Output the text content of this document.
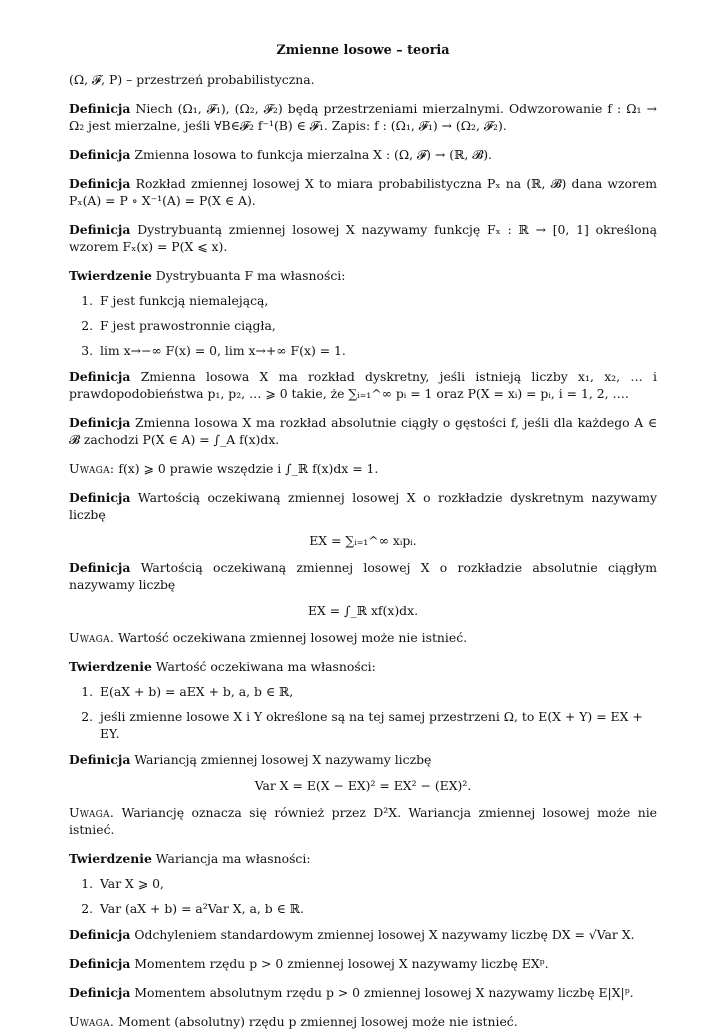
Zmienne losowe – teoria

(Ω, 𝓕, P) – przestrzeń probabilistyczna.

Definicja Niech (Ω₁, 𝓕₁), (Ω₂, 𝓕₂) będą przestrzeniami mierzalnymi. Odwzorowanie f : Ω₁ → Ω₂ jest mierzalne, jeśli ∀B∈𝓕₂ f⁻¹(B) ∈ 𝓕₁. Zapis: f : (Ω₁, 𝓕₁) → (Ω₂, 𝓕₂).

Definicja Zmienna losowa to funkcja mierzalna X : (Ω, 𝓕) → (ℝ, 𝓑).

Definicja Rozkład zmiennej losowej X to miara probabilistyczna Pₓ na (ℝ, 𝓑) dana wzorem Pₓ(A) = P ∘ X⁻¹(A) = P(X ∈ A).

Definicja Dystrybuantą zmiennej losowej X nazywamy funkcję Fₓ : ℝ → [0, 1] określoną wzorem Fₓ(x) = P(X ⩽ x).

Twierdzenie Dystrybuanta F ma własności:

1. F jest funkcją niemalejącą,
2. F jest prawostronnie ciągła,
3. lim x→−∞ F(x) = 0, lim x→+∞ F(x) = 1.

Definicja Zmienna losowa X ma rozkład dyskretny, jeśli istnieją liczby x₁, x₂, … i prawdopodobieństwa p₁, p₂, … ⩾ 0 takie, że ∑ᵢ₌₁^∞ pᵢ = 1 oraz P(X = xᵢ) = pᵢ, i = 1, 2, ….

Definicja Zmienna losowa X ma rozkład absolutnie ciągły o gęstości f, jeśli dla każdego A ∈ 𝓑 zachodzi P(X ∈ A) = ∫_A f(x)dx.

Uwaga: f(x) ⩾ 0 prawie wszędzie i ∫_ℝ f(x)dx = 1.

Definicja Wartością oczekiwaną zmiennej losowej X o rozkładzie dyskretnym nazywamy liczbę

EX = ∑ᵢ₌₁^∞ xᵢpᵢ.

Definicja Wartością oczekiwaną zmiennej losowej X o rozkładzie absolutnie ciągłym nazywamy liczbę

EX = ∫_ℝ xf(x)dx.

Uwaga. Wartość oczekiwana zmiennej losowej może nie istnieć.

Twierdzenie Wartość oczekiwana ma własności:

1. E(aX + b) = aEX + b, a, b ∈ ℝ,
2. jeśli zmienne losowe X i Y określone są na tej samej przestrzeni Ω, to E(X + Y) = EX + EY.

Definicja Wariancją zmiennej losowej X nazywamy liczbę

Var X = E(X − EX)² = EX² − (EX)².

Uwaga. Wariancję oznacza się również przez D²X. Wariancja zmiennej losowej może nie istnieć.

Twierdzenie Wariancja ma własności:

1. Var X ⩾ 0,
2. Var (aX + b) = a²Var X, a, b ∈ ℝ.

Definicja Odchyleniem standardowym zmiennej losowej X nazywamy liczbę DX = √Var X.

Definicja Momentem rzędu p > 0 zmiennej losowej X nazywamy liczbę EXᵖ.

Definicja Momentem absolutnym rzędu p > 0 zmiennej losowej X nazywamy liczbę E|X|ᵖ.

Uwaga. Moment (absolutny) rzędu p zmiennej losowej może nie istnieć.
